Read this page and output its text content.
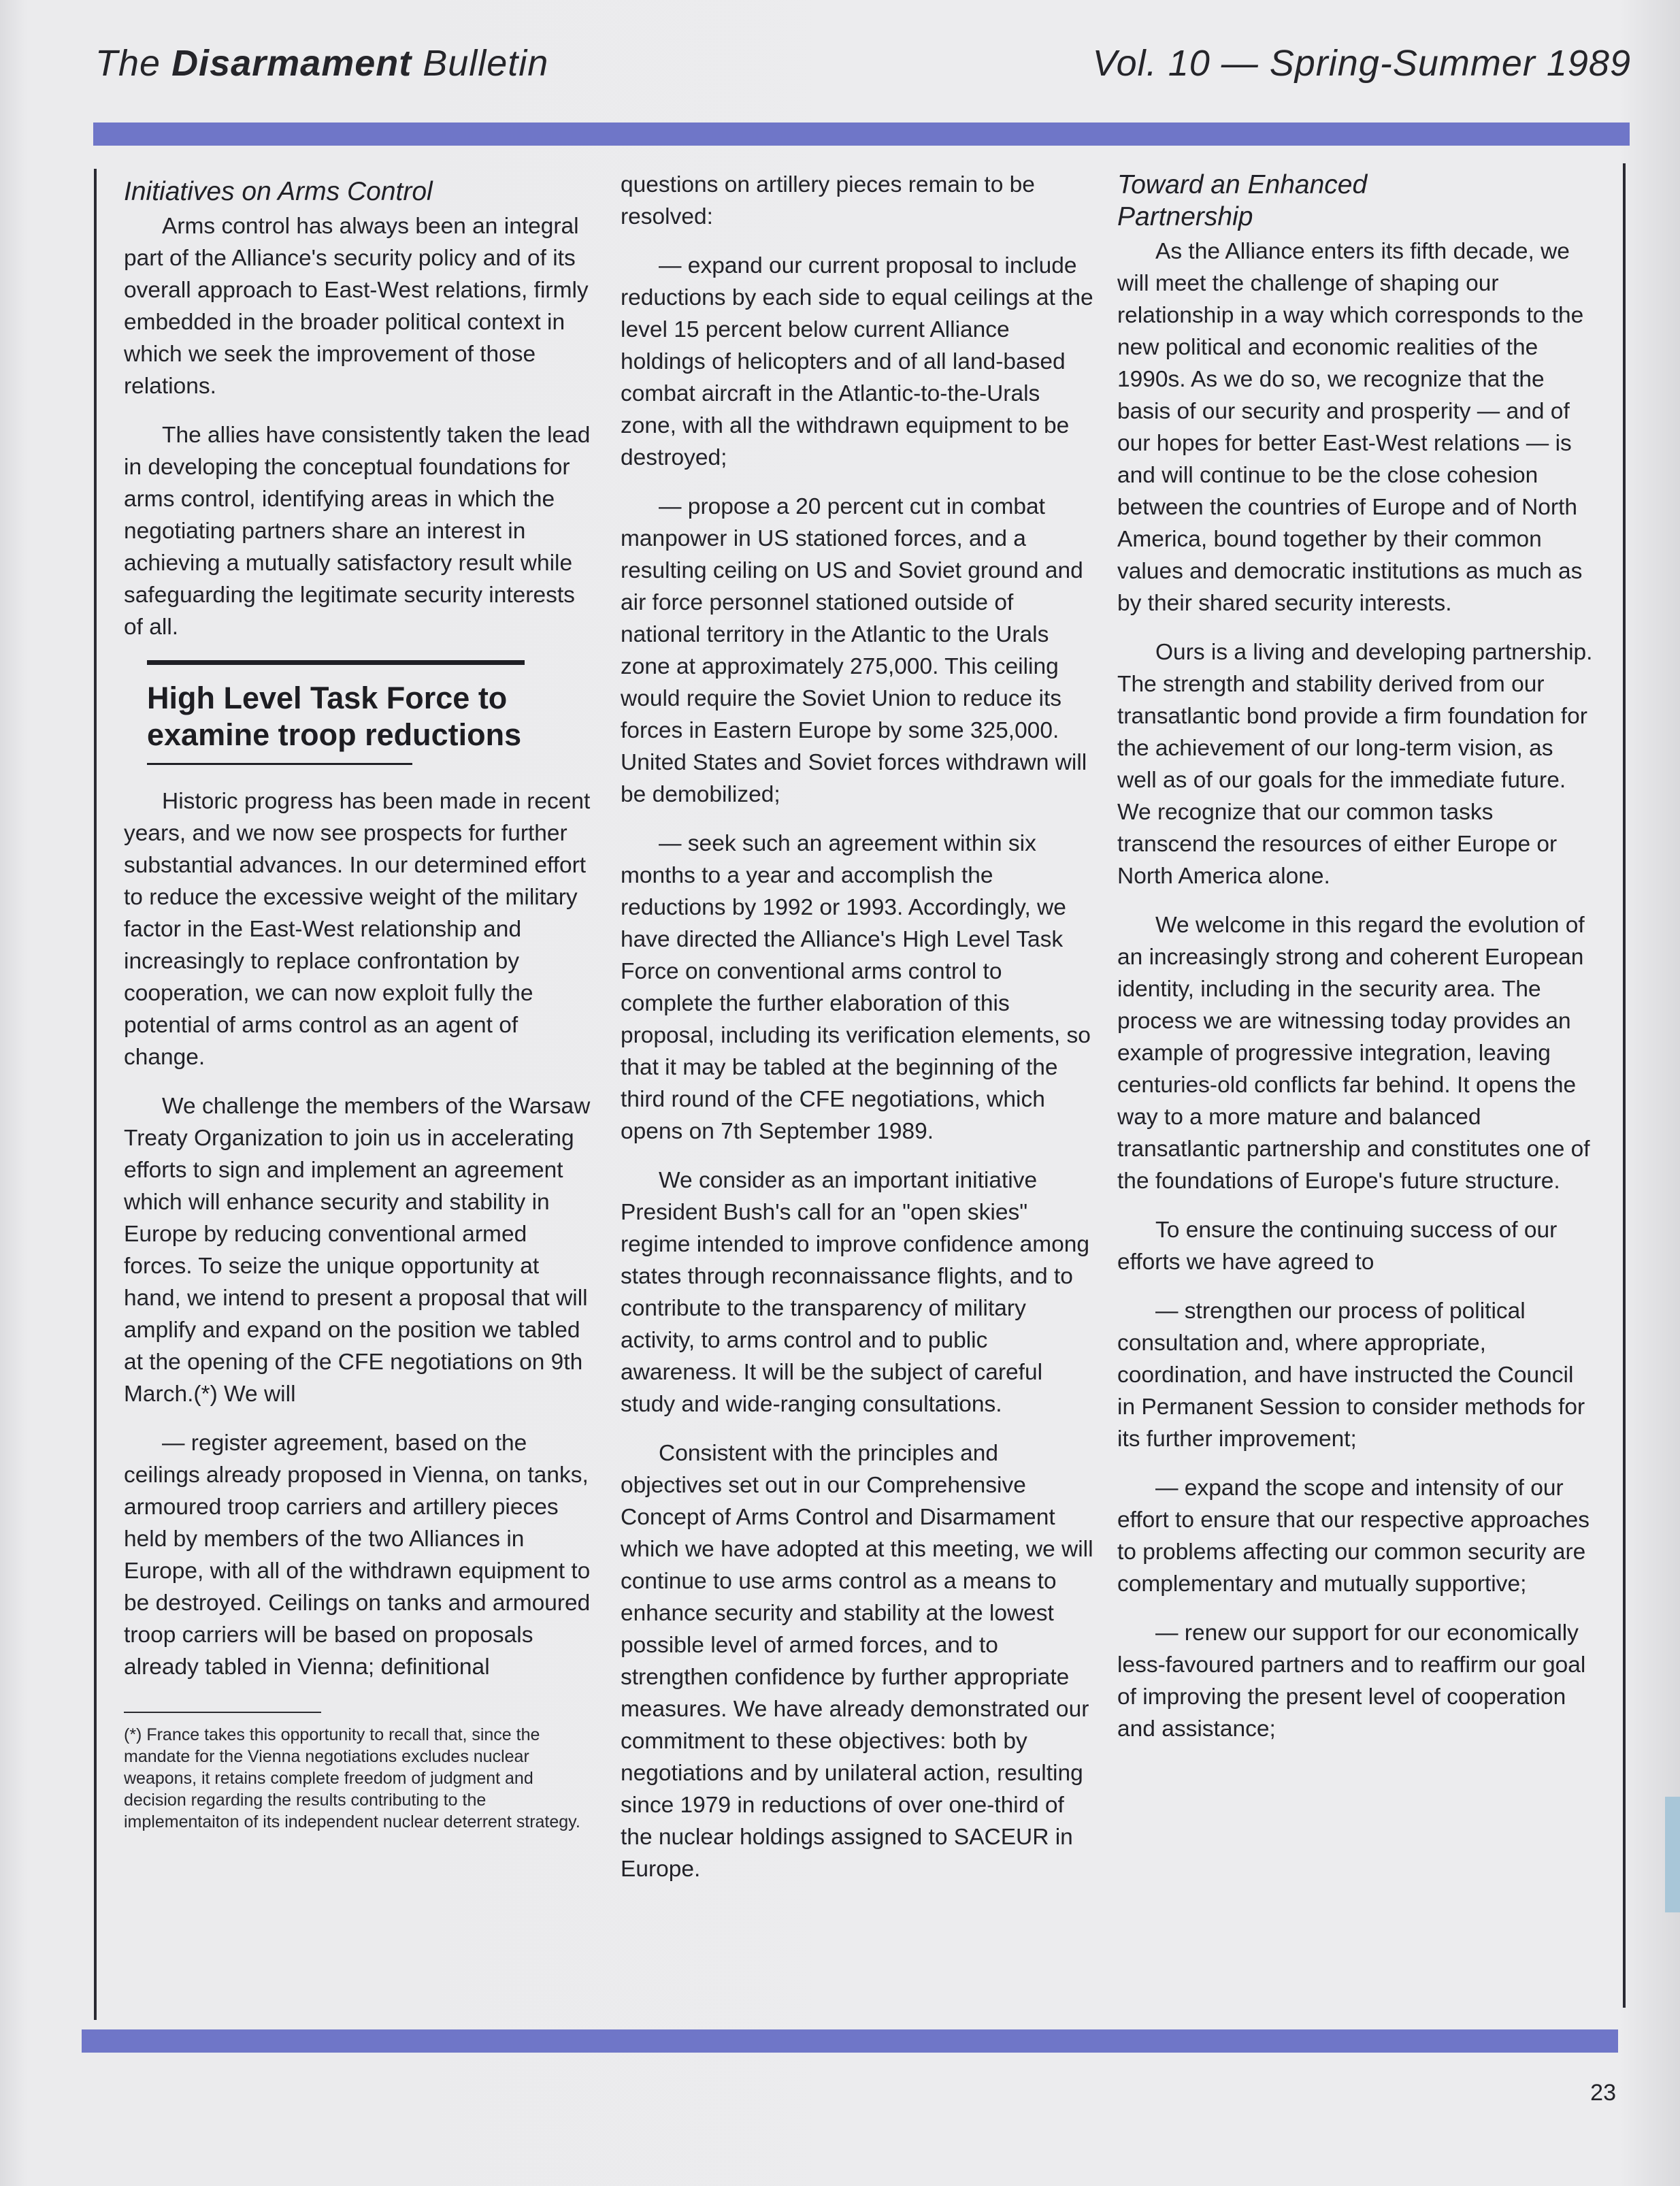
The Disarmament Bulletin	Vol. 10 — Spring-Summer 1989
Initiatives on Arms Control

Arms control has always been an integral part of the Alliance's security policy and of its overall approach to East-West relations, firmly embedded in the broader political context in which we seek the improvement of those relations.

The allies have consistently taken the lead in developing the conceptual foundations for arms control, identifying areas in which the negotiating partners share an interest in achieving a mutually satisfactory result while safeguarding the legitimate security interests of all.

High Level Task Force to examine troop reductions

Historic progress has been made in recent years, and we now see prospects for further substantial advances. In our determined effort to reduce the excessive weight of the military factor in the East-West relationship and increasingly to replace confrontation by cooperation, we can now exploit fully the potential of arms control as an agent of change.

We challenge the members of the Warsaw Treaty Organization to join us in accelerating efforts to sign and implement an agreement which will enhance security and stability in Europe by reducing conventional armed forces. To seize the unique opportunity at hand, we intend to present a proposal that will amplify and expand on the position we tabled at the opening of the CFE negotiations on 9th March.(*) We will

— register agreement, based on the ceilings already proposed in Vienna, on tanks, armoured troop carriers and artillery pieces held by members of the two Alliances in Europe, with all of the withdrawn equipment to be destroyed. Ceilings on tanks and armoured troop carriers will be based on proposals already tabled in Vienna; definitional

(*) France takes this opportunity to recall that, since the mandate for the Vienna negotiations excludes nuclear weapons, it retains complete freedom of judgment and decision regarding the results contributing to the implementaiton of its independent nuclear deterrent strategy.

questions on artillery pieces remain to be resolved:

— expand our current proposal to include reductions by each side to equal ceilings at the level 15 percent below current Alliance holdings of helicopters and of all land-based combat aircraft in the Atlantic-to-the-Urals zone, with all the withdrawn equipment to be destroyed;

— propose a 20 percent cut in combat manpower in US stationed forces, and a resulting ceiling on US and Soviet ground and air force personnel stationed outside of national territory in the Atlantic to the Urals zone at approximately 275,000. This ceiling would require the Soviet Union to reduce its forces in Eastern Europe by some 325,000. United States and Soviet forces withdrawn will be demobilized;

— seek such an agreement within six months to a year and accomplish the reductions by 1992 or 1993. Accordingly, we have directed the Alliance's High Level Task Force on conventional arms control to complete the further elaboration of this proposal, including its verification elements, so that it may be tabled at the beginning of the third round of the CFE negotiations, which opens on 7th September 1989.

We consider as an important initiative President Bush's call for an "open skies" regime intended to improve confidence among states through reconnaissance flights, and to contribute to the transparency of military activity, to arms control and to public awareness. It will be the subject of careful study and wide-ranging consultations.

Consistent with the principles and objectives set out in our Comprehensive Concept of Arms Control and Disarmament which we have adopted at this meeting, we will continue to use arms control as a means to enhance security and stability at the lowest possible level of armed forces, and to strengthen confidence by further appropriate measures. We have already demonstrated our commitment to these objectives: both by negotiations and by unilateral action, resulting since 1979 in reductions of over one-third of the nuclear holdings assigned to SACEUR in Europe.

Toward an Enhanced Partnership

As the Alliance enters its fifth decade, we will meet the challenge of shaping our relationship in a way which corresponds to the new political and economic realities of the 1990s. As we do so, we recognize that the basis of our security and prosperity — and of our hopes for better East-West relations — is and will continue to be the close cohesion between the countries of Europe and of North America, bound together by their common values and democratic institutions as much as by their shared security interests.

Ours is a living and developing partnership. The strength and stability derived from our transatlantic bond provide a firm foundation for the achievement of our long-term vision, as well as of our goals for the immediate future. We recognize that our common tasks transcend the resources of either Europe or North America alone.

We welcome in this regard the evolution of an increasingly strong and coherent European identity, including in the security area. The process we are witnessing today provides an example of progressive integration, leaving centuries-old conflicts far behind. It opens the way to a more mature and balanced transatlantic partnership and constitutes one of the foundations of Europe's future structure.

To ensure the continuing success of our efforts we have agreed to

— strengthen our process of political consultation and, where appropriate, coordination, and have instructed the Council in Permanent Session to consider methods for its further improvement;

— expand the scope and intensity of our effort to ensure that our respective approaches to problems affecting our common security are complementary and mutually supportive;

— renew our support for our economically less-favoured partners and to reaffirm our goal of improving the present level of cooperation and assistance;

23
